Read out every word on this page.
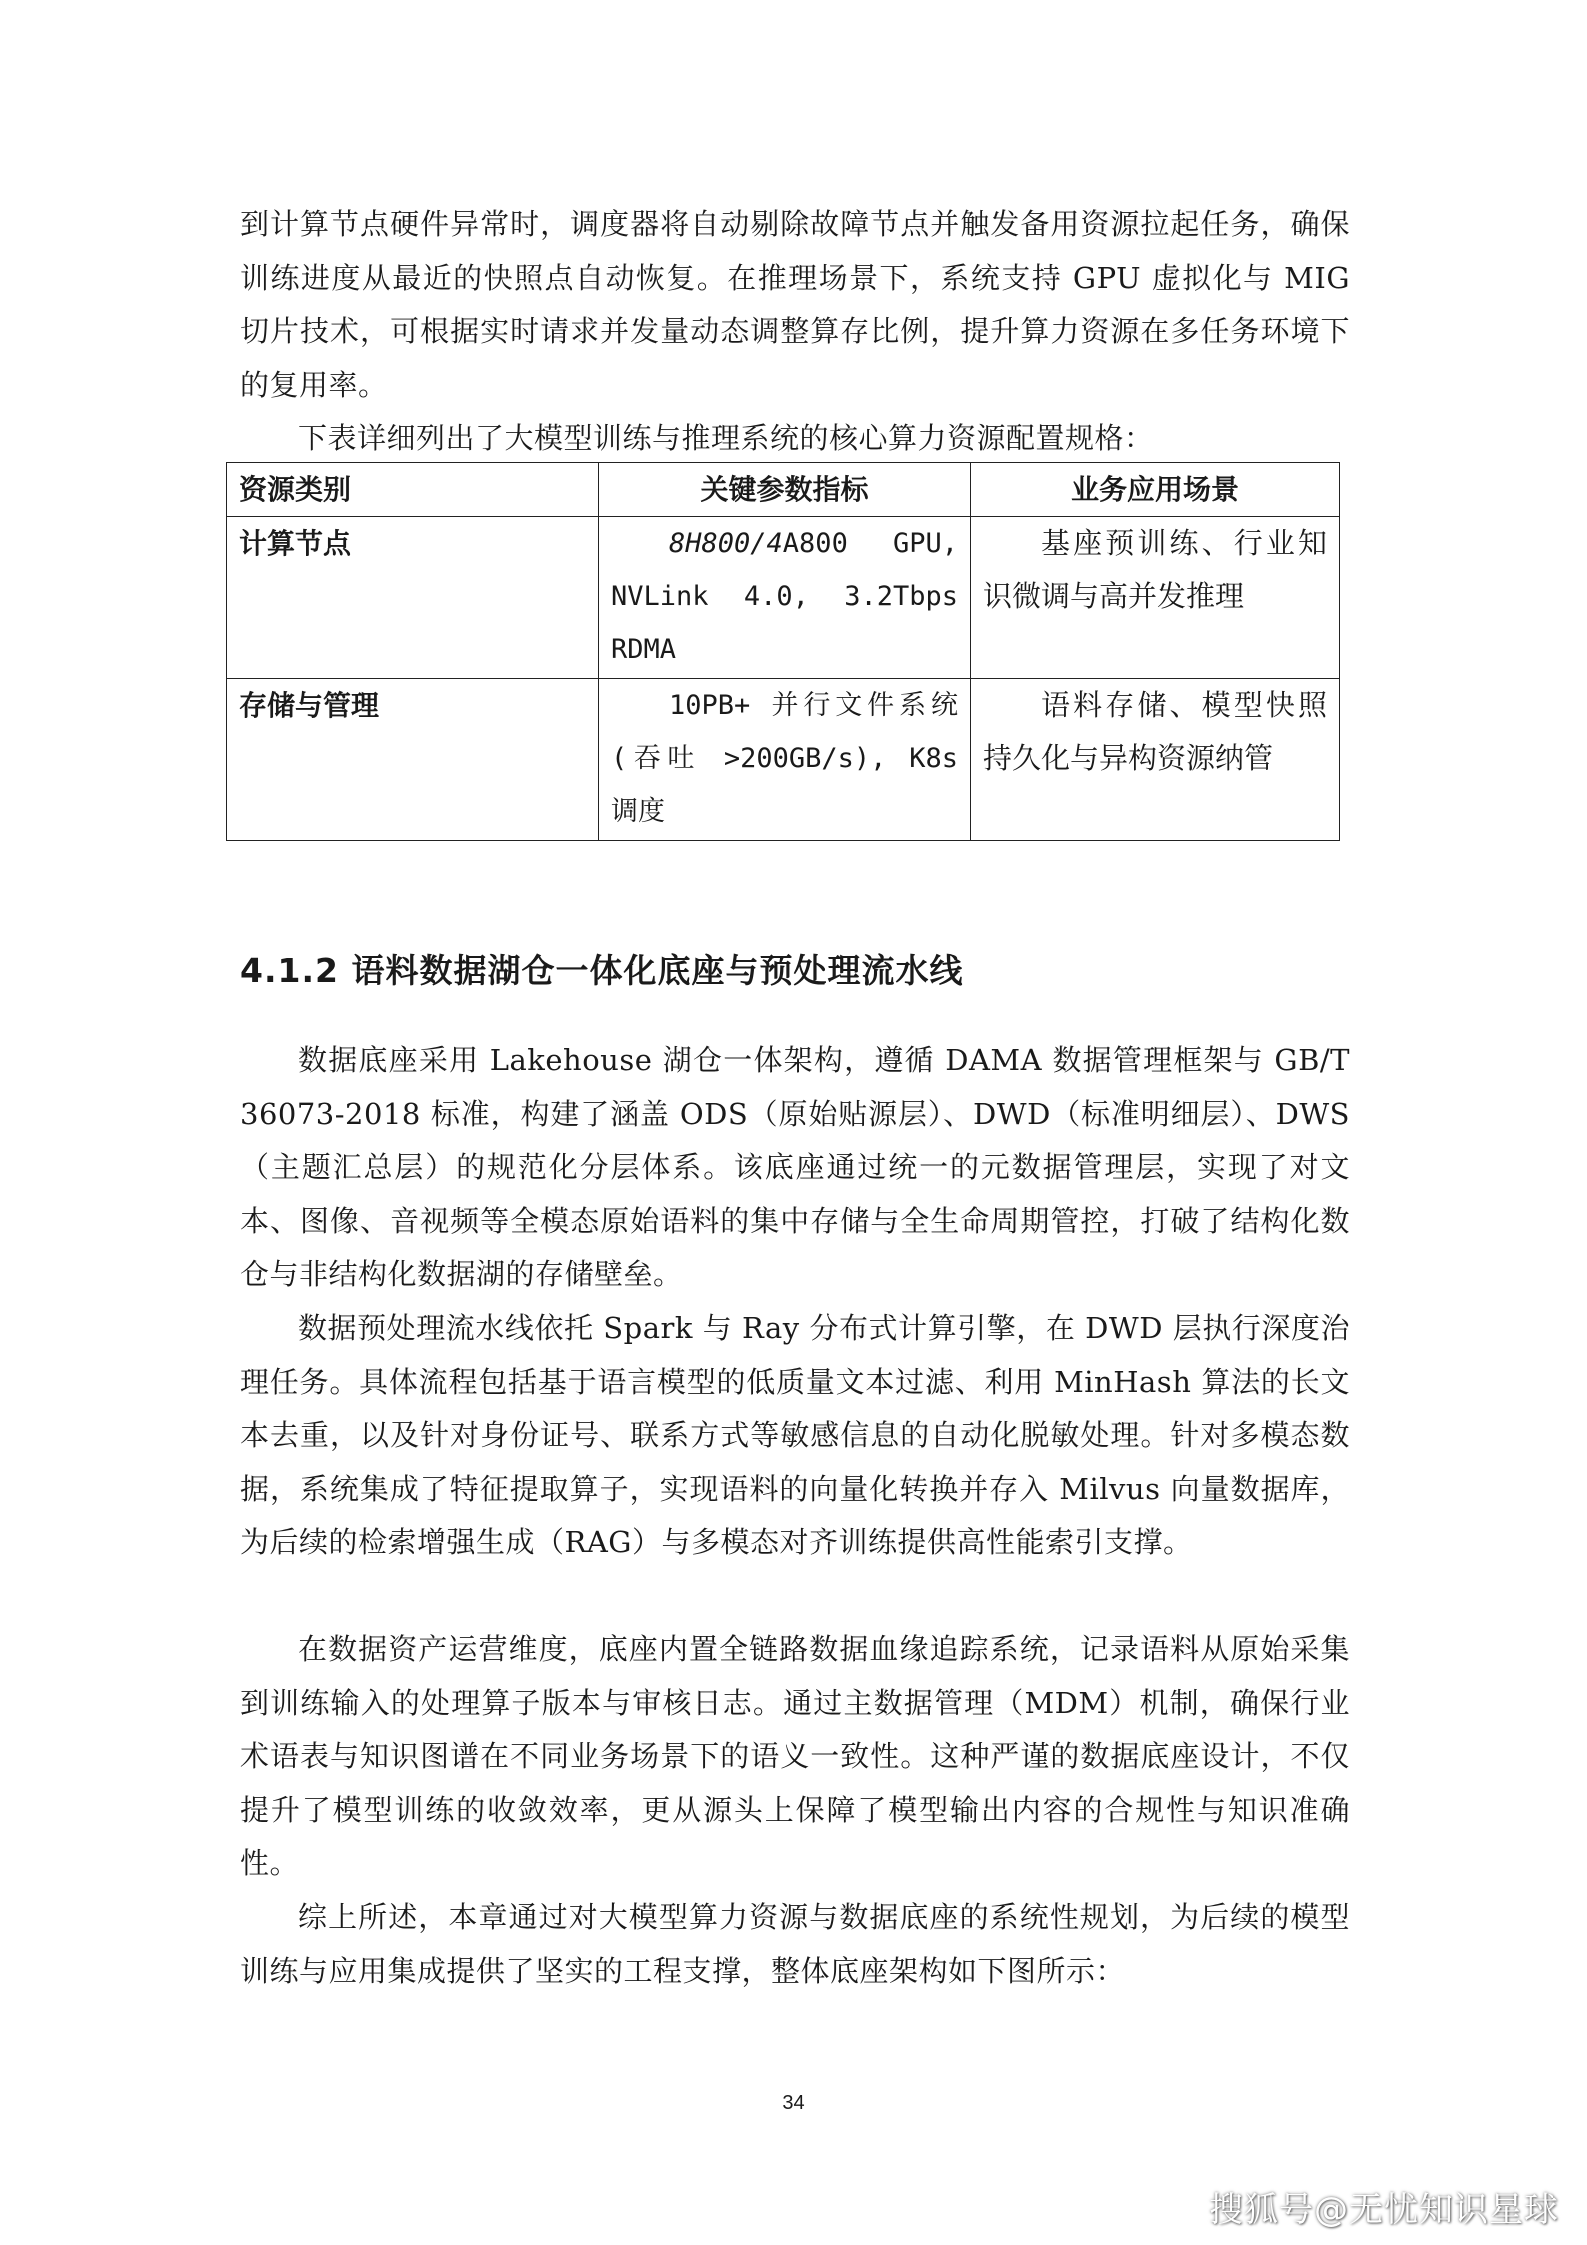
到计算节点硬件异常时，调度器将自动剔除故障节点并触发备用资源拉起任务，确保训练进度从最近的快照点自动恢复。在推理场景下，系统支持 GPU 虚拟化与 MIG 切片技术，可根据实时请求并发量动态调整算存比例，提升算力资源在多任务环境下的复用率。

下表详细列出了大模型训练与推理系统的核心算力资源配置规格：

资源类别	关键参数指标	业务应用场景
计算节点	8H800/4A800 GPU, NVLink 4.0, 3.2Tbps RDMA	基座预训练、行业知识微调与高并发推理
存储与管理	10PB+ 并行文件系统 (吞吐 >200GB/s), K8s 调度	语料存储、模型快照持久化与异构资源纳管
4.1.2 语料数据湖仓一体化底座与预处理流水线

数据底座采用 Lakehouse 湖仓一体架构，遵循 DAMA 数据管理框架与 GB/T 36073-2018 标准，构建了涵盖 ODS（原始贴源层）、DWD（标准明细层）、DWS（主题汇总层）的规范化分层体系。该底座通过统一的元数据管理层，实现了对文本、图像、音视频等全模态原始语料的集中存储与全生命周期管控，打破了结构化数仓与非结构化数据湖的存储壁垒。

数据预处理流水线依托 Spark 与 Ray 分布式计算引擎，在 DWD 层执行深度治理任务。具体流程包括基于语言模型的低质量文本过滤、利用 MinHash 算法的长文本去重，以及针对身份证号、联系方式等敏感信息的自动化脱敏处理。针对多模态数据，系统集成了特征提取算子，实现语料的向量化转换并存入 Milvus 向量数据库，为后续的检索增强生成（RAG）与多模态对齐训练提供高性能索引支撑。

在数据资产运营维度，底座内置全链路数据血缘追踪系统，记录语料从原始采集到训练输入的处理算子版本与审核日志。通过主数据管理（MDM）机制，确保行业术语表与知识图谱在不同业务场景下的语义一致性。这种严谨的数据底座设计，不仅提升了模型训练的收敛效率，更从源头上保障了模型输出内容的合规性与知识准确性。

综上所述，本章通过对大模型算力资源与数据底座的系统性规划，为后续的模型训练与应用集成提供了坚实的工程支撑，整体底座架构如下图所示：

34
搜狐号@无忧知识星球
